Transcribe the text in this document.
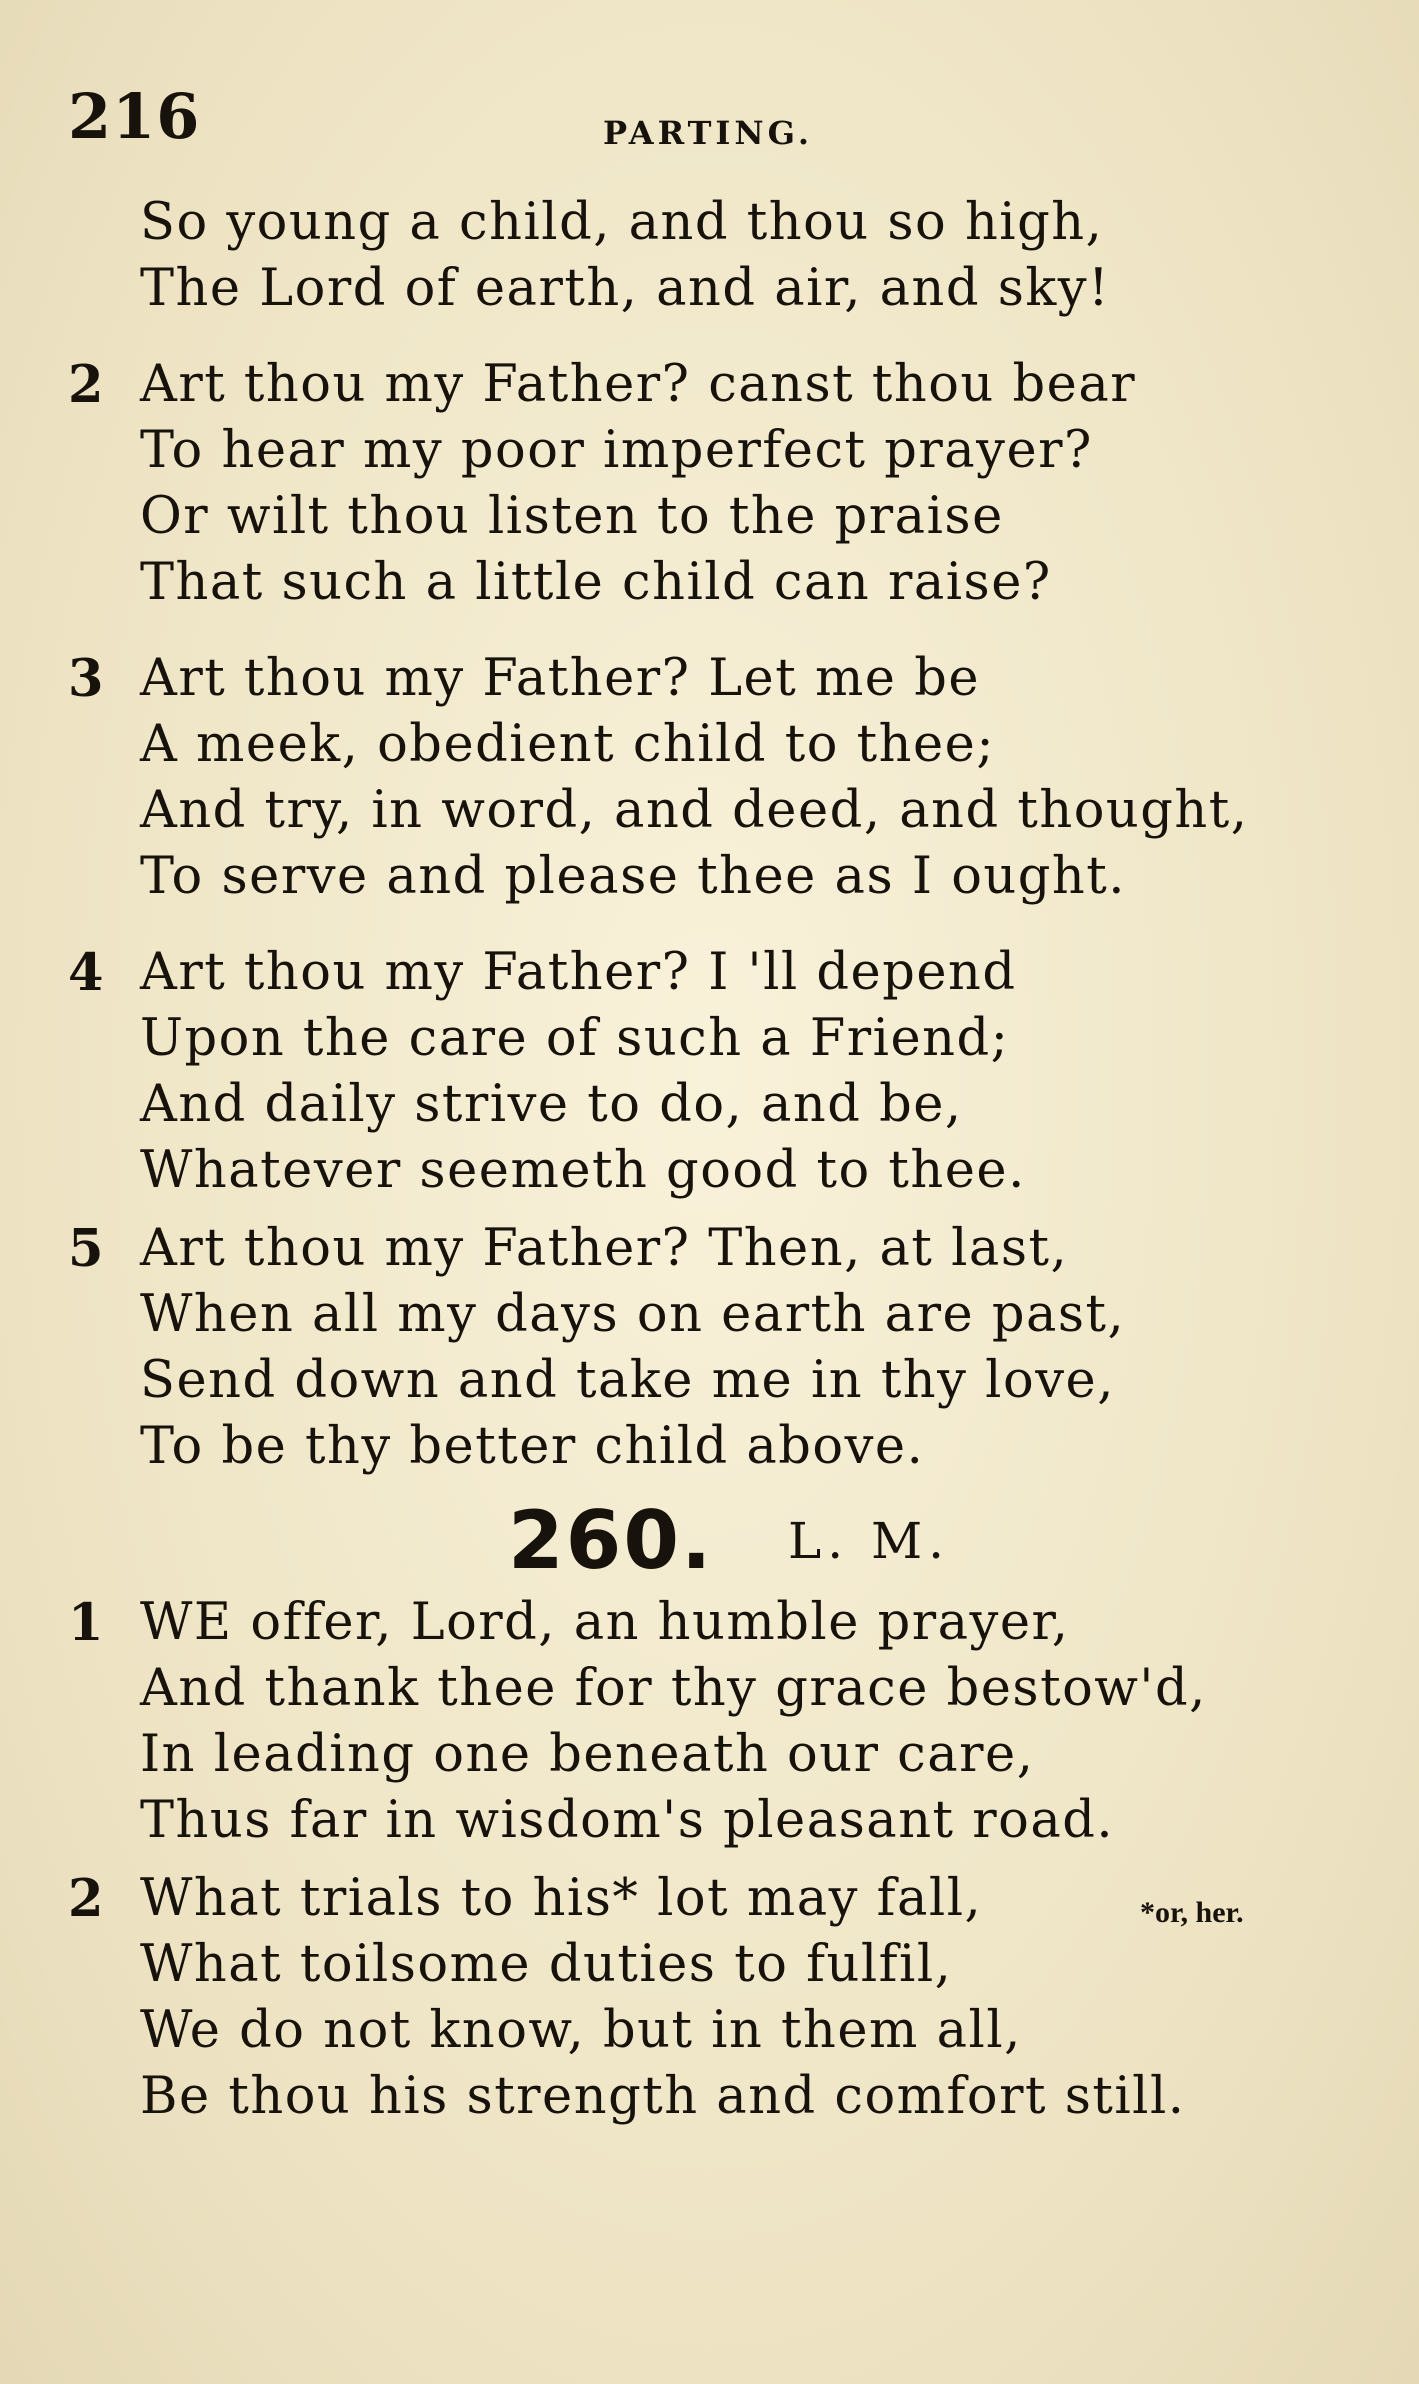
216	PARTING.
So young a child, and thou so high,
The Lord of earth, and air, and sky!
2 Art thou my Father? canst thou bear
To hear my poor imperfect prayer?
Or wilt thou listen to the praise
That such a little child can raise?
3 Art thou my Father? Let me be
A meek, obedient child to thee;
And try, in word, and deed, and thought,
To serve and please thee as I ought.
4 Art thou my Father? I 'll depend
Upon the care of such a Friend;
And daily strive to do, and be,
Whatever seemeth good to thee.
5 Art thou my Father? Then, at last,
When all my days on earth are past,
Send down and take me in thy love,
To be thy better child above.
260. L. M.
1 WE offer, Lord, an humble prayer,
And thank thee for thy grace bestow'd,
In leading one beneath our care,
Thus far in wisdom's pleasant road.
2 What trials to his* lot may fall,
What toilsome duties to fulfil,
We do not know, but in them all,
Be thou his strength and comfort still.
*or, her.
